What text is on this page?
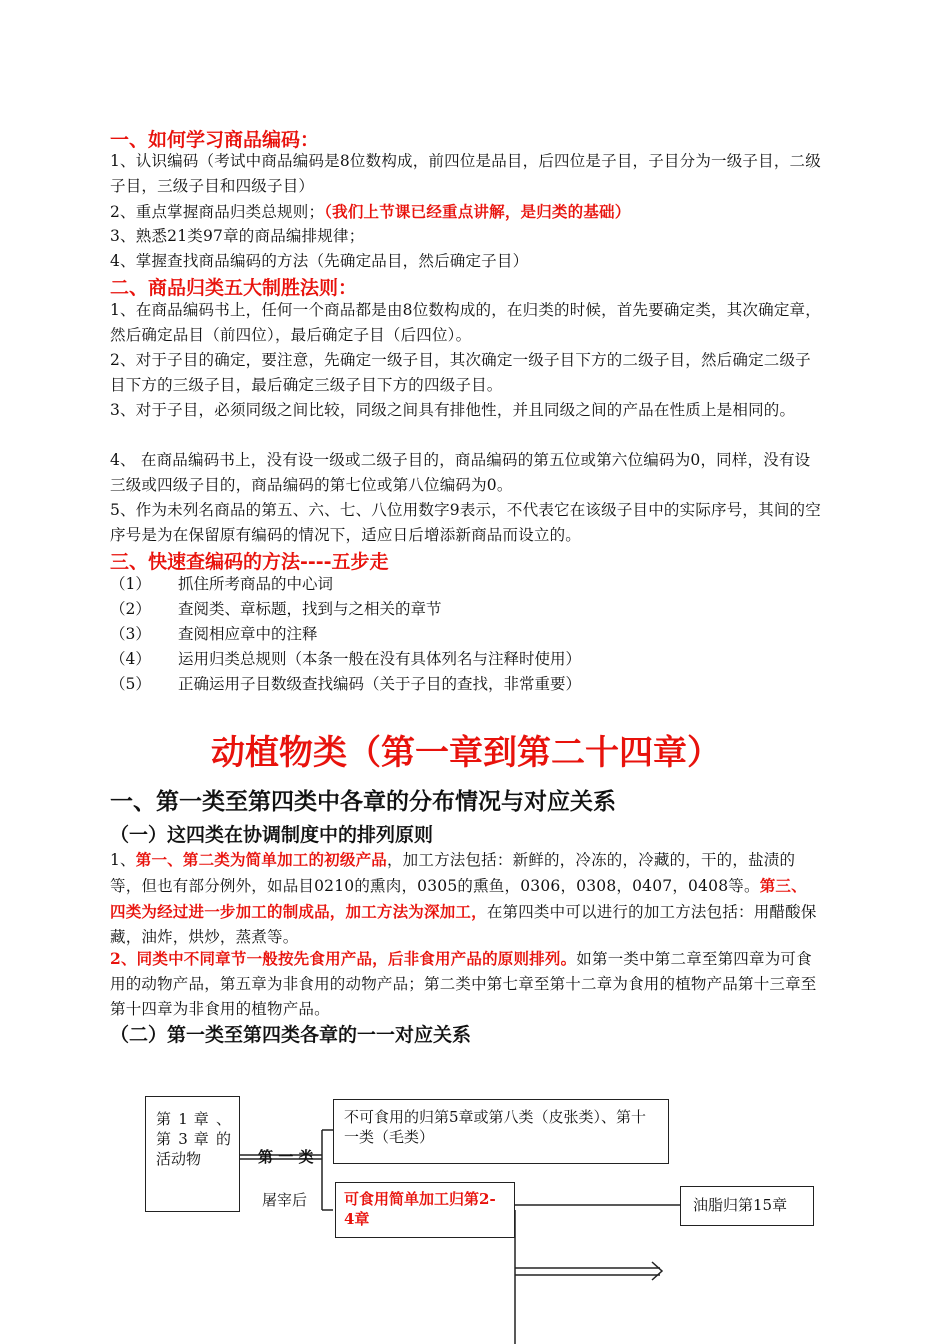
一、如何学习商品编码：
1、认识编码（考试中商品编码是8位数构成，前四位是品目，后四位是子目，子目分为一级子目，二级子目，三级子目和四级子目）
2、重点掌握商品归类总规则；（我们上节课已经重点讲解，是归类的基础）
3、熟悉21类97章的商品编排规律；
4、掌握查找商品编码的方法（先确定品目，然后确定子目）
二、商品归类五大制胜法则：
1、在商品编码书上，任何一个商品都是由8位数构成的，在归类的时候，首先要确定类，其次确定章，然后确定品目（前四位），最后确定子目（后四位）。
2、对于子目的确定，要注意，先确定一级子目，其次确定一级子目下方的二级子目，然后确定二级子目下方的三级子目，最后确定三级子目下方的四级子目。
3、对于子目，必须同级之间比较，同级之间具有排他性，并且同级之间的产品在性质上是相同的。
4、 在商品编码书上，没有设一级或二级子目的，商品编码的第五位或第六位编码为0，同样，没有设三级或四级子目的，商品编码的第七位或第八位编码为0。
5、作为未列名商品的第五、六、七、八位用数字9表示，不代表它在该级子目中的实际序号，其间的空序号是为在保留原有编码的情况下，适应日后增添新商品而设立的。
三、快速查编码的方法----五步走
（1） 抓住所考商品的中心词
（2） 查阅类、章标题，找到与之相关的章节
（3） 查阅相应章中的注释
（4） 运用归类总规则（本条一般在没有具体列名与注释时使用）
（5） 正确运用子目数级查找编码（关于子目的查找，非常重要）
动植物类（第一章到第二十四章）
一、第一类至第四类中各章的分布情况与对应关系
（一）这四类在协调制度中的排列原则
1、第一、第二类为简单加工的初级产品，加工方法包括：新鲜的，冷冻的，冷藏的，干的，盐渍的等，但也有部分例外，如品目0210的熏肉，0305的熏鱼，0306，0308，0407，0408等。第三、四类为经过进一步加工的制成品，加工方法为深加工，在第四类中可以进行的加工方法包括：用醋酸保藏，油炸，烘炒，蒸煮等。
2、同类中不同章节一般按先食用产品，后非食用产品的原则排列。如第一类中第二章至第四章为可食用的动物产品，第五章为非食用的动物产品；第二类中第七章至第十二章为食用的植物产品第十三章至第十四章为非食用的植物产品。
（二）第一类至第四类各章的一一对应关系
第 1 章 、第 3 章 的活动物	第 一 类
屠宰后
不可食用的归第5章或第八类（皮张类）、第十一类（毛类）
可食用简单加工归第2-4章
油脂归第15章
